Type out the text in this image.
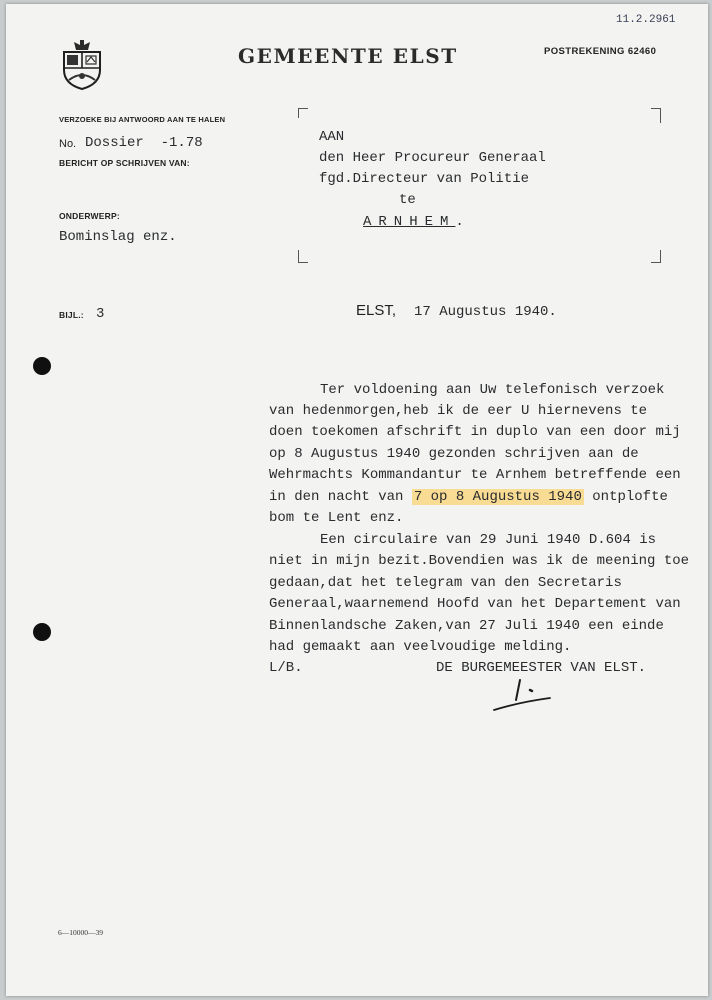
11.2.2961
GEMEENTE ELST	POSTREKENING 62460
VERZOEKE BIJ ANTWOORD AAN TE HALEN
No. Dossier  -1.78
BERICHT OP SCHRIJVEN VAN:
ONDERWERP:
Bominslag enz.
BIJL.: 3
AAN
den Heer Procureur Generaal
fgd.Directeur van Politie
te
ARNHEM.
ELST, 17 Augustus 1940.
Ter voldoening aan Uw telefonisch verzoek
van hedenmorgen,heb ik de eer U hiernevens te
doen toekomen afschrift in duplo van een door mij
op 8 Augustus 1940 gezonden schrijven aan de
Wehrmachts Kommandantur te Arnhem betreffende een
in den nacht van 7 op 8 Augustus 1940 ontplofte
bom te Lent enz.
Een circulaire van 29 Juni 1940 D.604 is
niet in mijn bezit.Bovendien was ik de meening toe
gedaan,dat het telegram van den Secretaris
Generaal,waarnemend Hoofd van het Departement van
Binnenlandsche Zaken,van 27 Juli 1940 een einde
had gemaakt aan veelvoudige melding.
L/B.	DE BURGEMEESTER VAN ELST.
6—10000—39
